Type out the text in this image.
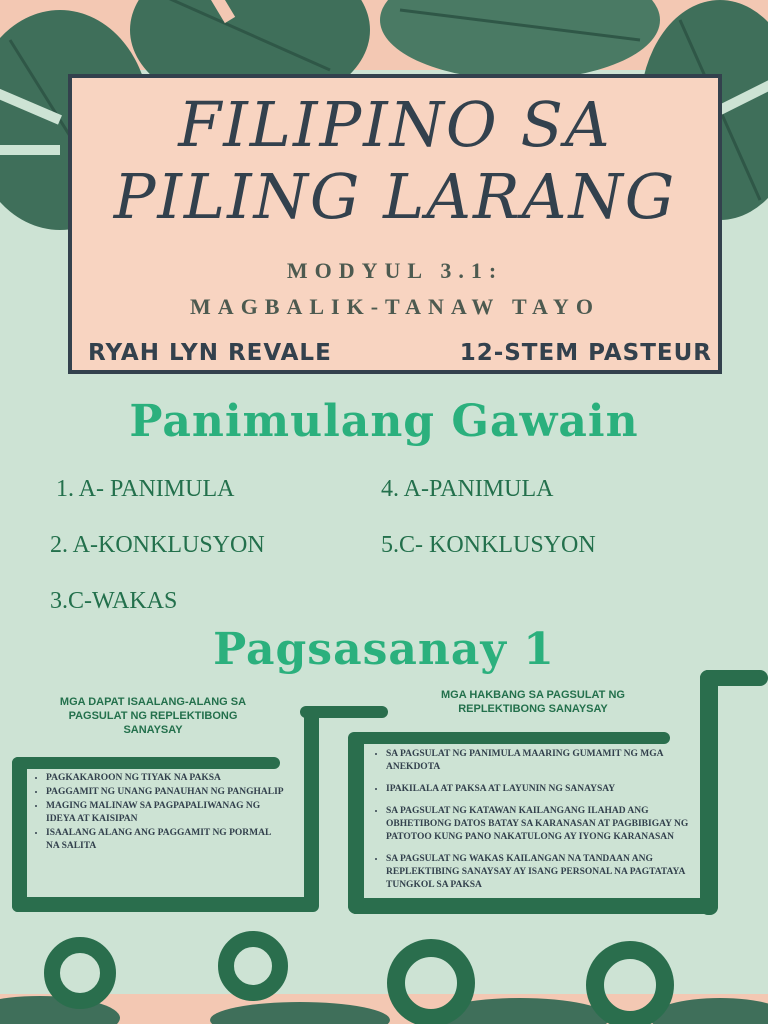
FILIPINO SA
PILING LARANG
MODYUL 3.1:
MAGBALIK-TANAW TAYO
RYAH LYN REVALE	12-STEM PASTEUR
Panimulang Gawain
1. A- PANIMULA
2. A-KONKLUSYON
3.C-WAKAS
4. A-PANIMULA
5.C- KONKLUSYON
Pagsasanay 1
MGA DAPAT ISAALANG-ALANG SA PAGSULAT NG REPLEKTIBONG SANAYSAY
• PAGKAKAROON NG TIYAK NA PAKSA
• PAGGAMIT NG UNANG PANAUHAN NG PANGHALIP
• MAGING MALINAW SA PAGPAPALIWANAG NG IDEYA AT KAISIPAN
• ISAALANG ALANG ANG PAGGAMIT NG PORMAL NA SALITA
MGA HAKBANG SA PAGSULAT NG REPLEKTIBONG SANAYSAY
• SA PAGSULAT NG PANIMULA MAARING GUMAMIT NG MGA ANEKDOTA
• IPAKILALA AT PAKSA AT LAYUNIN NG SANAYSAY
• SA PAGSULAT NG KATAWAN KAILANGANG ILAHAD ANG OBHETIBONG DATOS BATAY SA KARANASAN AT PAGBIBIGAY NG PATOTOO KUNG PANO NAKATULONG AY IYONG KARANASAN
• SA PAGSULAT NG WAKAS KAILANGAN NA TANDAAN ANG REPLEKTIBING SANAYSAY AY ISANG PERSONAL NA PAGTATAYA TUNGKOL SA PAKSA
